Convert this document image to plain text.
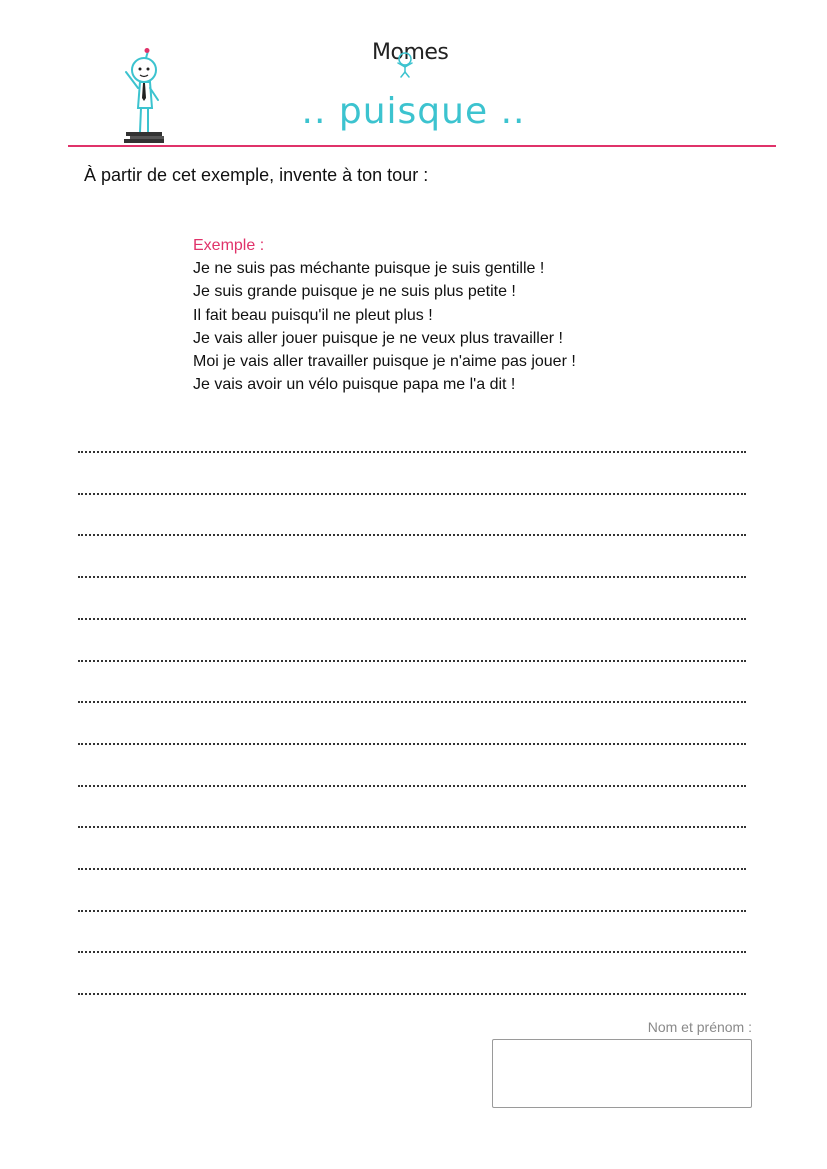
Momes
.. puisque ..
À partir de cet exemple, invente à ton tour :
Exemple :
Je ne suis pas méchante puisque je suis gentille !
Je suis grande puisque je ne suis plus petite !
Il fait beau puisqu'il ne pleut plus !
Je vais aller jouer puisque je ne veux plus travailler !
Moi je vais aller travailler puisque je n'aime pas jouer !
Je vais avoir un vélo puisque papa me l'a dit !
Nom et prénom :
